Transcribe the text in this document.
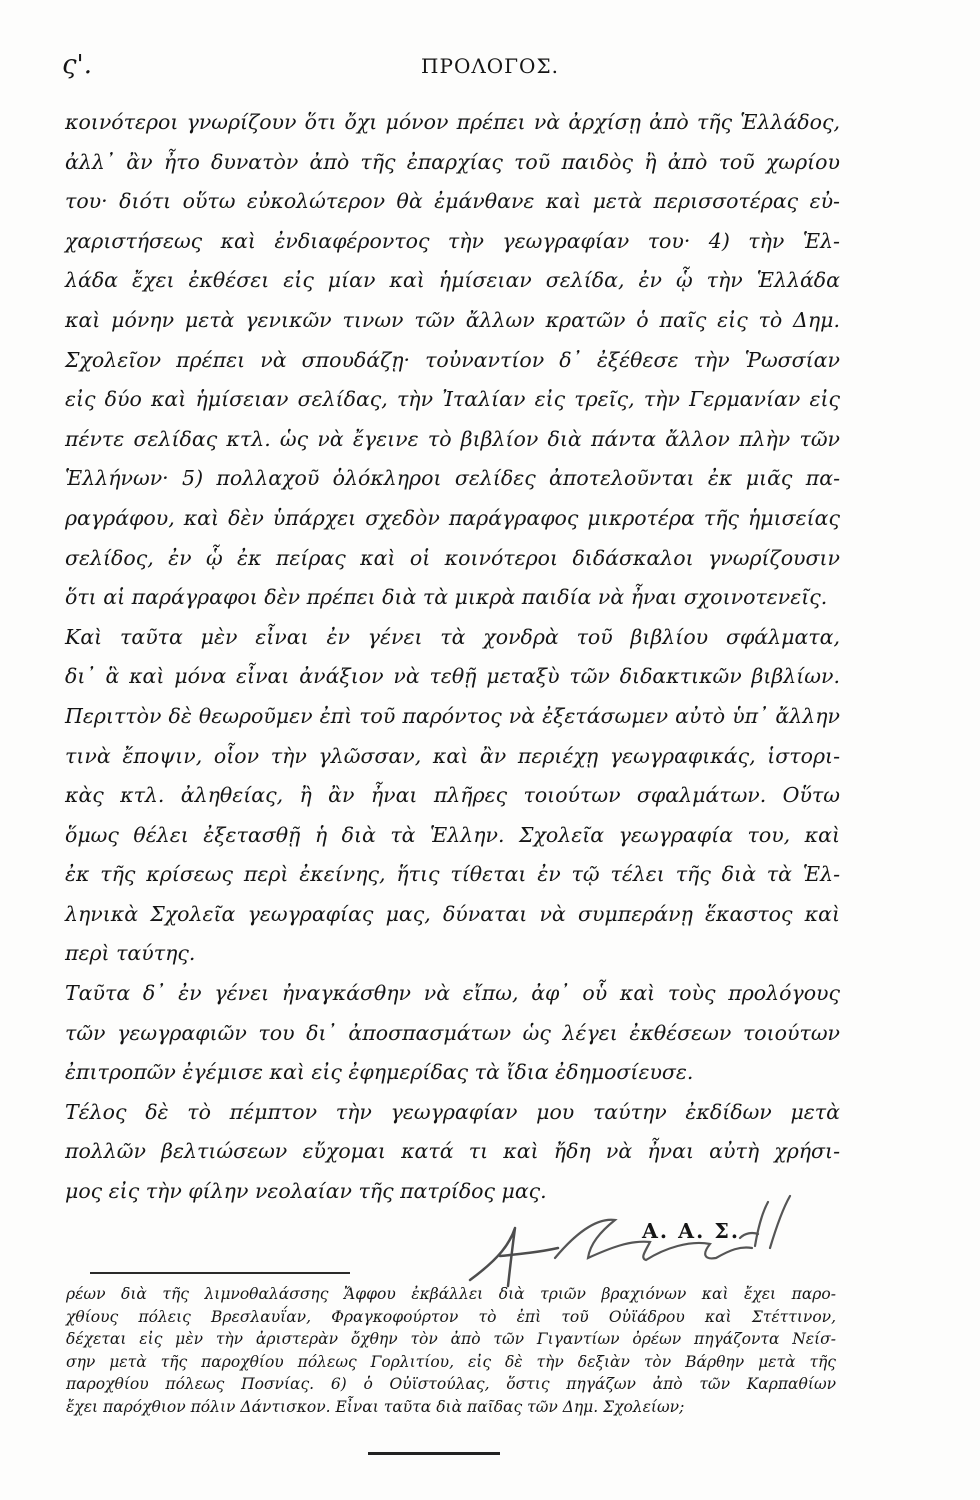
ς'.	ΠΡΟΛΟΓΟΣ.
κοινότεροι γνωρίζουν ὅτι ὄχι μόνον πρέπει νὰ ἀρχίσῃ ἀπὸ τῆς Ἑλλάδος,
ἀλλ᾽ ἂν ἦτο δυνατὸν ἀπὸ τῆς ἐπαρχίας τοῦ παιδὸς ἢ ἀπὸ τοῦ χωρίου
του· διότι οὕτω εὐκολώτερον θὰ ἐμάνθανε καὶ μετὰ περισσοτέρας εὐ-
χαριστήσεως καὶ ἐνδιαφέροντος τὴν γεωγραφίαν του· 4) τὴν Ἑλ-
λάδα ἔχει ἐκθέσει εἰς μίαν καὶ ἡμίσειαν σελίδα, ἐν ᾧ τὴν Ἑλλάδα
καὶ μόνην μετὰ γενικῶν τινων τῶν ἄλλων κρατῶν ὁ παῖς εἰς τὸ Δημ.
Σχολεῖον πρέπει νὰ σπουδάζῃ· τοὐναντίον δ᾽ ἐξέθεσε τὴν Ῥωσσίαν
εἰς δύο καὶ ἡμίσειαν σελίδας, τὴν Ἰταλίαν εἰς τρεῖς, τὴν Γερμανίαν εἰς
πέντε σελίδας κτλ. ὡς νὰ ἔγεινε τὸ βιβλίον διὰ πάντα ἄλλον πλὴν τῶν
Ἑλλήνων· 5) πολλαχοῦ ὁλόκληροι σελίδες ἀποτελοῦνται ἐκ μιᾶς πα-
ραγράφου, καὶ δὲν ὑπάρχει σχεδὸν παράγραφος μικροτέρα τῆς ἡμισείας
σελίδος, ἐν ᾧ ἐκ πείρας καὶ οἱ κοινότεροι διδάσκαλοι γνωρίζουσιν
ὅτι αἱ παράγραφοι δὲν πρέπει διὰ τὰ μικρὰ παιδία νὰ ἦναι σχοινοτενεῖς.
Καὶ ταῦτα μὲν εἶναι ἐν γένει τὰ χονδρὰ τοῦ βιβλίου σφάλματα,
δι᾽ ἃ καὶ μόνα εἶναι ἀνάξιον νὰ τεθῇ μεταξὺ τῶν διδακτικῶν βιβλίων.
Περιττὸν δὲ θεωροῦμεν ἐπὶ τοῦ παρόντος νὰ ἐξετάσωμεν αὐτὸ ὑπ᾽ ἄλλην
τινὰ ἔποψιν, οἷον τὴν γλῶσσαν, καὶ ἂν περιέχῃ γεωγραφικάς, ἱστορι-
κὰς κτλ. ἀληθείας, ἢ ἂν ἦναι πλῆρες τοιούτων σφαλμάτων. Οὕτω
ὅμως θέλει ἐξετασθῇ ἡ διὰ τὰ Ἑλλην. Σχολεῖα γεωγραφία του, καὶ
ἐκ τῆς κρίσεως περὶ ἐκείνης, ἥτις τίθεται ἐν τῷ τέλει τῆς διὰ τὰ Ἑλ-
ληνικὰ Σχολεῖα γεωγραφίας μας, δύναται νὰ συμπεράνῃ ἕκαστος καὶ
περὶ ταύτης.
Ταῦτα δ᾽ ἐν γένει ἠναγκάσθην νὰ εἴπω, ἀφ᾽ οὗ καὶ τοὺς προλόγους
τῶν γεωγραφιῶν του δι᾽ ἀποσπασμάτων ὡς λέγει ἐκθέσεων τοιούτων
ἐπιτροπῶν ἐγέμισε καὶ εἰς ἐφημερίδας τὰ ἴδια ἐδημοσίευσε.
Τέλος δὲ τὸ πέμπτον τὴν γεωγραφίαν μου ταύτην ἐκδίδων μετὰ
πολλῶν βελτιώσεων εὔχομαι κατά τι καὶ ἤδη νὰ ἦναι αὐτὴ χρήσι-
μος εἰς τὴν φίλην νεολαίαν τῆς πατρίδος μας.
Α. Α. Σ.
ρέων διὰ τῆς λιμνοθαλάσσης Ἄφφου ἐκβάλλει διὰ τριῶν βραχιόνων καὶ ἔχει παρο-
χθίους πόλεις Βρεσλαυΐαν, Φραγκοφούρτον τὸ ἐπὶ τοῦ Οὐϊάδρου καὶ Στέττινον,
δέχεται εἰς μὲν τὴν ἀριστερὰν ὄχθην τὸν ἀπὸ τῶν Γιγαντίων ὀρέων πηγάζοντα Νείσ-
σην μετὰ τῆς παροχθίου πόλεως Γορλιτίου, εἰς δὲ τὴν δεξιὰν τὸν Βάρθην μετὰ τῆς
παροχθίου πόλεως Ποσνίας. 6) ὁ Οὐϊστούλας, ὅστις πηγάζων ἀπὸ τῶν Καρπαθίων
ἔχει παρόχθιον πόλιν Δάντισκον. Εἶναι ταῦτα διὰ παῖδας τῶν Δημ. Σχολείων;
